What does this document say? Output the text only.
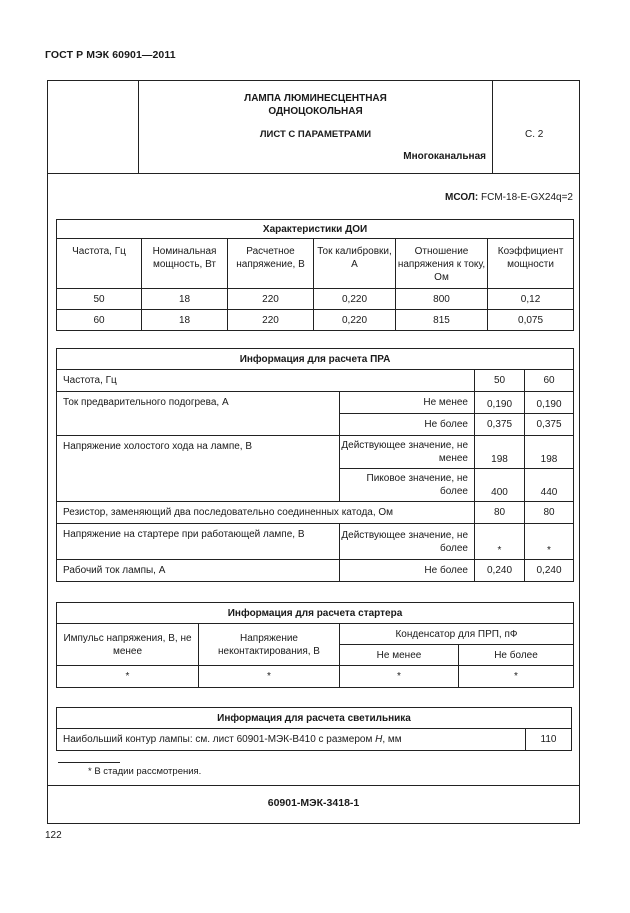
ГОСТ Р МЭК 60901—2011
ЛАМПА ЛЮМИНЕСЦЕНТНАЯ
ОДНОЦОКОЛЬНАЯ
ЛИСТ С ПАРАМЕТРАМИ
Многоканальная
С. 2
МСОЛ: FCM-18-E-GX24q=2
Характеристики ДОИ					
Частота, Гц	Номинальная мощность, Вт	Расчетное напряжение, В	Ток калибровки, А	Отношение напряжения к току, Ом	Коэффициент мощности
50	18	220	0,220	800	0,12
60	18	220	0,220	815	0,075
Информация для расчета ПРА			
Частота, Гц		50	60
Ток предварительного подогрева, А	Не менее	0,190	0,190
	Не более	0,375	0,375
Напряжение холостого хода на лампе, В	Действующее значение, не менее	198	198
	Пиковое значение, не более	400	440
Резистор, заменяющий два последовательно соединенных катода, Ом		80	80
Напряжение на стартере при работающей лампе, В	Действующее значение, не более	*	*
Рабочий ток лампы, А	Не более	0,240	0,240
Информация для расчета стартера			
Импульс напряжения, В, не менее	Напряжение неконтактирования, В	Конденсатор для ПРП, пФ	
		Не менее	Не более
*	*	*	*
Информация для расчета светильника
Наибольший контур лампы: см. лист 60901-МЭК-В410 с размером H, мм	110
* В стадии рассмотрения.
60901-МЭК-3418-1
122
